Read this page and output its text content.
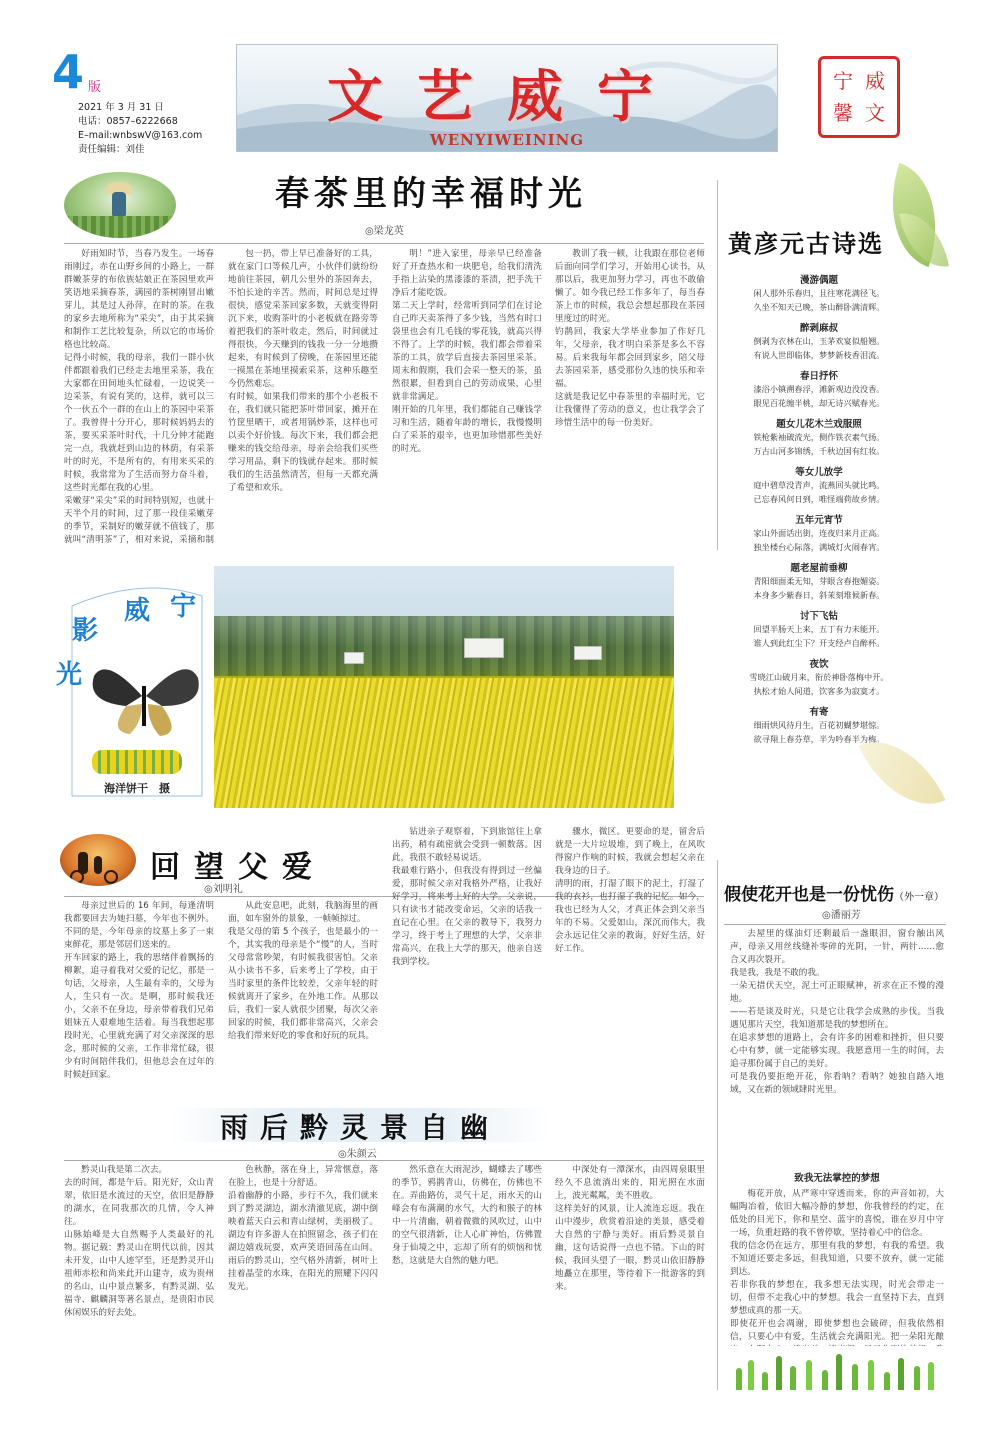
4 版
2021 年 3 月 31 日
电话：0857–6222668
E–mail:wnbswV@163.com
责任编辑：刘佳
文艺威宁
WENYIWEINING
宁 威
馨 文
春茶里的幸福时光
◎梁龙英
好雨知时节，当春乃发生。一场春雨刚过，赤在山野乡间的小路上，一群群嫩茶芽的布依族姑娘正在茶园里欢声笑语地采摘春茶，满园的茶树刚冒出嫩芽儿，其是过人孙萍，在时的茶。在我的家乡去地所称为“采尖”，由于其采摘和制作工艺比较复杂，所以它的市场价格也比较高。
记得小时候，我的母亲，我们一群小伙伴都跟着我们已经走去地里采茶，我在大家都在田间地头忙碌着，一边说笑一边采茶，有说有笑的，这样，就可以三个一伙五个一群的在山上的茶园中采茶了。我曾得十分开心，那时候妈妈去的茶，要买采茶叶时代，十几分钟才能跑完一点，我就赶到山边的林荫，有采茶叶的时光，不是所有的，有用来买采的时候，我常常为了生活而努力奋斗着，这些时光都在我的心里。
采嫩芽“采尖”采的时间特别短，也就十天半个月的时间，过了那一段佳采嫩芽的季节，采制好的嫩芽就不值钱了，那就叫“清明茶”了，相对来说，采摘和制

包一扔，带上早已准备好的工具，就在家门口等候几声，小伙伴们就纷纷地前往茶园，朝几公里外的茶园奔去，不怕长途的辛苦。然而，时间总是过得很快，感觉采茶回家多数，天就变得阴沉下来，收购茶叶的小老板就在路旁等着把我们的茶叶收走，然后，时间就过得很快，今天赚到的钱我一分一分地攒起来，有时候到了傍晚，在茶园里还能一摸黑在茶地里摸索采茶，这种乐趣至今仍然难忘。
有时候，如果我们带来的那个小老板不在，我们就只能把茶叶带回家，摊开在竹筐里晒干，或者用锅炒茶，这样也可以卖个好价钱。每次下来，我们都会把赚来的钱交给母亲，母亲会给我们买些学习用品，剩下的钱就存起来。那时候我们的生活虽然清苦，但每一天都充满了希望和欢乐。
明！”进入家里，母亲早已经准备好了开查热水和一块肥皂，给我们清洗手指上沾染的黑漆漆的茶渍，把手洗干净后才能吃饭。
第二天上学时，经常听到同学们在讨论自己昨天卖茶得了多少钱，当然有时口袋里也会有几毛钱的零花钱，就高兴得不得了。上学的时候，我们都会带着采茶的工具，放学后直接去茶园里采茶。周末和假期，我们会采一整天的茶，虽然很累，但看到自己的劳动成果，心里就非常满足。
刚开始的几年里，我们都能自己赚钱学习和生活，随着年龄的增长，我慢慢明白了采茶的艰辛，也更加珍惜那些美好的时光。
教训了我一顿，让我跟在那位老师后面向同学们学习，开始用心读书，从那以后，我更加努力学习，再也不敢偷懒了。如今我已经工作多年了，每当春茶上市的时候，我总会想起那段在茶园里度过的时光。
钓鹊回，我家大学毕业参加了作好几年，父母亲，我才明白采茶是多么不容易。后来我每年都会回到家乡，陪父母去茶园采茶，感受那份久违的快乐和幸福。
这就是我记忆中春茶里的幸福时光，它让我懂得了劳动的意义，也让我学会了珍惜生活中的每一份美好。
黄彦元古诗选
漫游偶题
闲人那外乐春归，且往寒花满径飞。
久坐不知天已晚，茶山醉卧满清辉。
醉剥麻叔
倒剥为衣林在山，玉茅欢宴似船翘。
有说人世即临体，梦梦新枝香泪流。
春日抒怀
漆浴小镇溯春浮，滩新观边没没香。
眼见百花缠半桃，却无诗兴赋春光。
题女儿花木兰戏服照
铁枪紫袖破流光，侧作铁衣素气扬。
万古山河多锦绣，千秋边国有红妆。
等女儿放学
庭中碧草没青声，流燕回头就比鸣。
已忘春风何日到，唯怪端荷故乡情。
五年元宵节
家山外面话出街，连夜归来月正高。
独坐楼台心际落，满城灯火闹春宵。
题老屋前垂柳
青阳细面柔无知，芽眼含春抱媚姿。
本身多少紫春日，斜茉刻堆候新春。
讨下飞钻
回望半肠天上来，五丁有力未能开。
谁人到此红尘下？开支经卢自醉杯。
夜饮
雪晓江山破月来，衔於神卧落梅中开。
执松才始人间道，饮客多为寂寞才。
有寄
细雨烘风待月生，百花初蝴梦堪惊。
欲寻翔上春芬草，半为吟春半为梅。
影
威 宁
光
海洋饼干　摄
回望父爱
◎刘明礼
母亲过世后的 16 年间，每逢清明我都要回去为她扫墓，今年也不例外。不同的是，今年母亲的坟墓上多了一束束鲜花，那是邻居们送来的。
开车回家的路上，我的思绪伴着飘扬的柳絮，追寻着我对父爱的记忆，那是一句话，父母亲，人生最有幸的，父母为人，生只有一次。是啊，那时候我还小，父亲不在身边，母亲带着我们兄弟姐妹五人艰难地生活着。每当我想起那段时光，心里就充满了对父亲深深的思念，那时候的父亲，工作非常忙碌，很少有时间陪伴我们，但他总会在过年的时候赶回家。
从此安息吧，此刻，我脑海里的画面，如车窗外的景象，一帧帧掠过。
我是父母的第 5 个孩子，也是最小的一个，其实我的母亲是个“慢”的人，当时父母常常吵架，有时候我很害怕。父亲从小读书不多，后来考上了学校，由于当时家里的条件比较差，父亲年轻的时候就离开了家乡，在外地工作。从那以后，我们一家人就很少团聚，每次父亲回家的时候，我们都非常高兴，父亲会给我们带来好吃的零食和好玩的玩具。
钻进亲子观察着，下到旅馆往上拿出药，稍有疏密就会受到一顿数落。因此，我很不敢轻易说话。
我最难行路小，但我没有得到过一丝偏爱，那时候父亲对我格外严格，让我好好学习，将来考上好的大学。父亲说，只有读书才能改变命运，父亲的话我一直记在心里。在父亲的教导下，我努力学习，终于考上了理想的大学，父亲非常高兴，在我上大学的那天，他亲自送我到学校。
骤水，微区。更要命的是，留舍后就是一大片垃圾堆，到了晚上，在风吹得窗户作响的时候，我就会想起父亲在我身边的日子。
清明的雨，打湿了眼下的泥土，打湿了我的衣衫，也打湿了我的记忆。如今，我也已经为人父，才真正体会到父亲当年的不易。父爱如山，深沉而伟大，我会永远记住父亲的教诲，好好生活，好好工作。
假使花开也是一份忧伤（外一章）
◎潘丽芳
去屋里的煤油灯还剩最后一盏眼泪，窗台触出风声，母亲又用丝线缝补零碎的光阴，一针，两针……愈合又再次裂开。
我是我，我是不敢的我。
一朵无措伏天空，泥土可正眼赋神，祈求在正不慢的漫地。
——若是谈及时光，只是它让我学会成熟的步伐。当我遇见那片天空，我知道那是我的梦想所在。
在追求梦想的道路上，会有许多的困难和挫折，但只要心中有梦，就一定能够实现。我愿意用一生的时间，去追寻那份属于自己的美好。
可是我仍要拒绝开花，你看呐？看呐？她独自踏入地域，又在新的领域肆时光里。
致我无法掌控的梦想
梅花开放，从严寒中穿透而来，你的声音如初，大幅陶冶着，依旧大幅冷静的梦想，你我曾经的约定，在低处的目光下，你和星空、蓝宇的喜悦，谁在岁月中守一场，负重赶路的我不曾停歇，坚持着心中的信念。
我的信念仍在远方，那里有我的梦想，有我的希望。我不知道还要走多远，但我知道，只要不放弃，就一定能到达。
若非你我的梦想在，我多想无法实现，时光会带走一切，但带不走我心中的梦想。我会一直坚持下去，直到梦想成真的那一天。
即使花开也会凋谢，即使梦想也会破碎，但我依然相信，只要心中有爱，生活就会充满阳光。把一朵阳光酿
雨后黔灵景自幽
◎朱颜云
黔灵山我是第二次去。
去的时间，都是午后。阳光好，众山青翠，依旧是水流过的天空，依旧是静静的湖水，在同我那次的几情，令人神往。
山脉始峰是大自然赐予人类最好的礼物。据记载：黔灵山在明代以前，因其未开发，山中人迹罕至，还是黔灵开山祖师赤松和尚来此开山建寺，成为贵州的名山，山中景点繁多，有黔灵湖、弘福寺、麒麟洞等著名景点，是贵阳市民休闲娱乐的好去处。
色秋静，落在身上，异常惬意，落在脸上，也是十分舒适。
沿着幽静的小路，步行不久，我们就来到了黔灵湖边，湖水清澈见底，湖中倒映着蓝天白云和青山绿树，美丽极了。湖边有许多游人在拍照留念，孩子们在湖边嬉戏玩耍，欢声笑语回荡在山间。雨后的黔灵山，空气格外清新，树叶上挂着晶莹的水珠，在阳光的照耀下闪闪发光。
然乐意在大雨泥沙，蝴蝶去了哪些的季节，鸦鹊青山，仿佛在，仿佛也不在。弄曲路仿，灵气十足，雨水天的山峰会有布满潮的水气，大约和猴子的林中一片清幽，朝着微微的风吹过，山中的空气很清新，让人心旷神怡，仿佛置身于仙境之中，忘却了所有的烦恼和忧愁，这就是大自然的魅力吧。
中深处有一潭深水，由四周泉眼里经久不息流淌出来的，阳光照在水面上，波光粼粼，美不胜收。
这样美好的风景，让人流连忘返。我在山中漫步，欣赏着沿途的美景，感受着大自然的宁静与美好。雨后黔灵景自幽，这句话说得一点也不错。下山的时候，我回头望了一眼，黔灵山依旧静静地矗立在那里，等待着下一批游客的到来。
